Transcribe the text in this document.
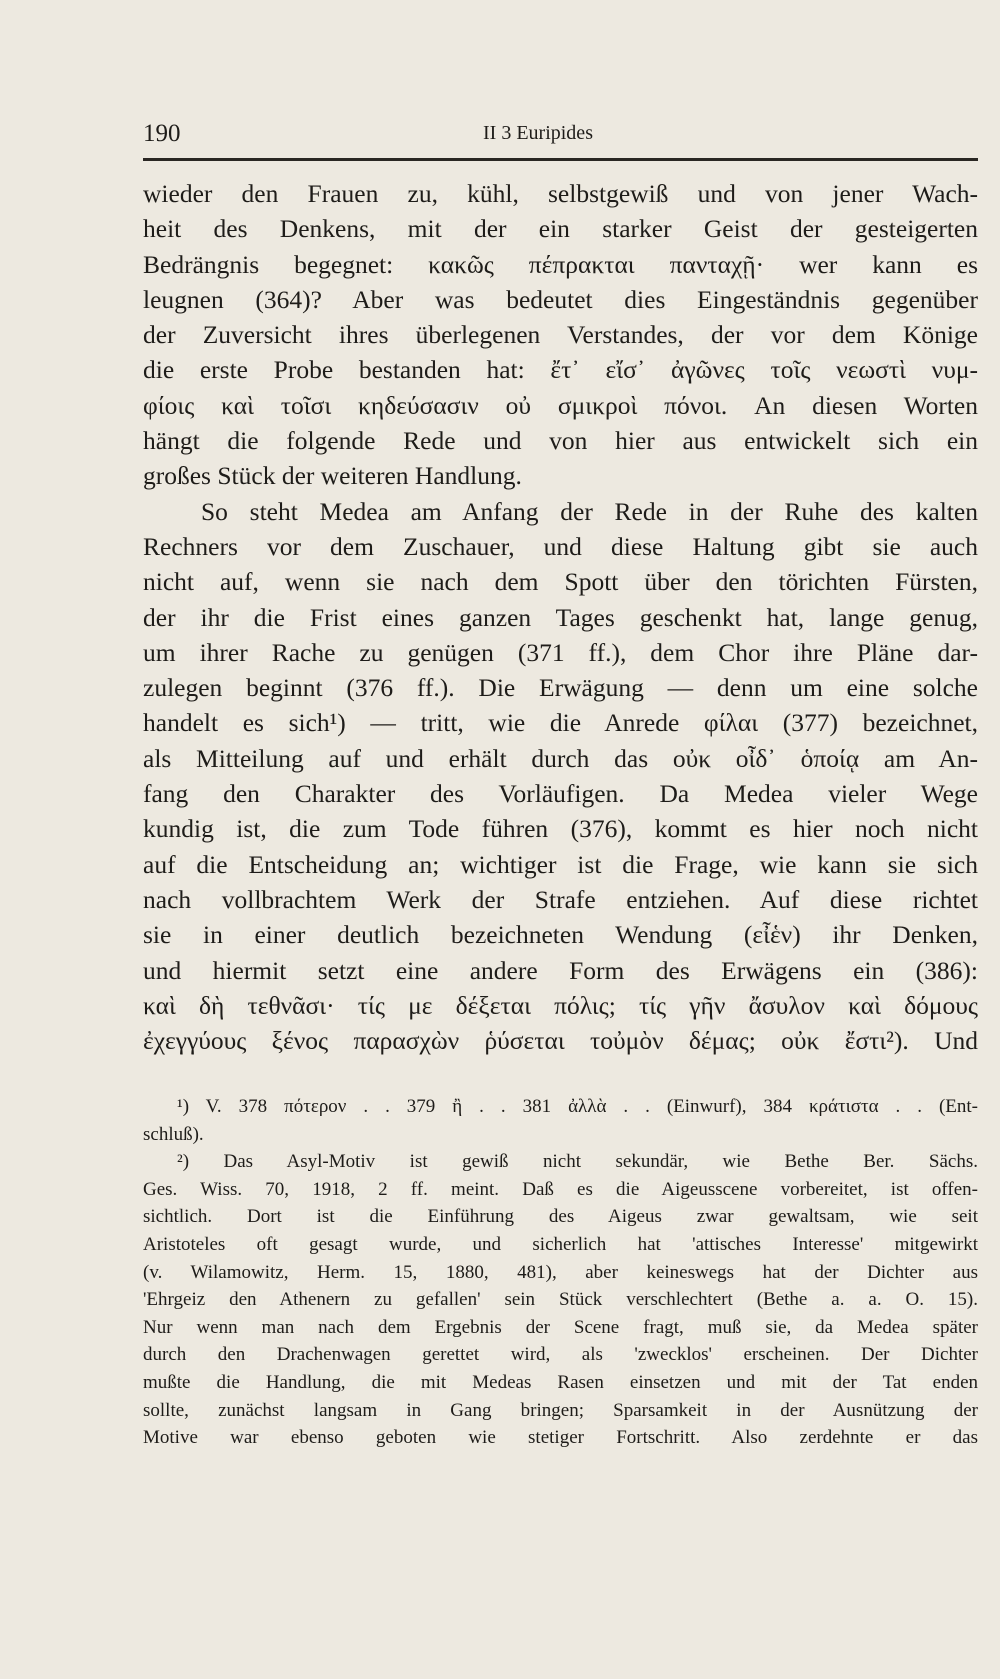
190	II 3 Euripides
wieder den Frauen zu, kühl, selbstgewiß und von jener Wach-
heit des Denkens, mit der ein starker Geist der gesteigerten
Bedrängnis begegnet: κακῶς πέπρακται πανταχῇ· wer kann es
leugnen (364)? Aber was bedeutet dies Eingeständnis gegenüber
der Zuversicht ihres überlegenen Verstandes, der vor dem Könige
die erste Probe bestanden hat: ἔτ᾽ εἴσ᾽ ἀγῶνες τοῖς νεωστὶ νυμ-
φίοις καὶ τοῖσι κηδεύσασιν οὐ σμικροὶ πόνοι. An diesen Worten
hängt die folgende Rede und von hier aus entwickelt sich ein
großes Stück der weiteren Handlung.
So steht Medea am Anfang der Rede in der Ruhe des kalten
Rechners vor dem Zuschauer, und diese Haltung gibt sie auch
nicht auf, wenn sie nach dem Spott über den törichten Fürsten,
der ihr die Frist eines ganzen Tages geschenkt hat, lange genug,
um ihrer Rache zu genügen (371 ff.), dem Chor ihre Pläne dar-
zulegen beginnt (376 ff.). Die Erwägung — denn um eine solche
handelt es sich¹) — tritt, wie die Anrede φίλαι (377) bezeichnet,
als Mitteilung auf und erhält durch das οὐκ οἶδ᾽ ὁποίᾳ am An-
fang den Charakter des Vorläufigen. Da Medea vieler Wege
kundig ist, die zum Tode führen (376), kommt es hier noch nicht
auf die Entscheidung an; wichtiger ist die Frage, wie kann sie sich
nach vollbrachtem Werk der Strafe entziehen. Auf diese richtet
sie in einer deutlich bezeichneten Wendung (εἶἑν) ihr Denken,
und hiermit setzt eine andere Form des Erwägens ein (386):
καὶ δὴ τεθνᾶσι· τίς με δέξεται πόλις; τίς γῆν ἄσυλον καὶ δόμους
ἐχεγγύους ξένος παρασχὼν ῥύσεται τοὐμὸν δέμας; οὐκ ἔστι²). Und
¹) V. 378 πότερον . . 379 ἢ . . 381 ἀλλὰ . . (Einwurf), 384 κράτιστα . . (Ent-
schluß).
²) Das Asyl-Motiv ist gewiß nicht sekundär, wie Bethe Ber. Sächs.
Ges. Wiss. 70, 1918, 2 ff. meint. Daß es die Aigeusscene vorbereitet, ist offen-
sichtlich. Dort ist die Einführung des Aigeus zwar gewaltsam, wie seit
Aristoteles oft gesagt wurde, und sicherlich hat 'attisches Interesse' mitgewirkt
(v. Wilamowitz, Herm. 15, 1880, 481), aber keineswegs hat der Dichter aus
'Ehrgeiz den Athenern zu gefallen' sein Stück verschlechtert (Bethe a. a. O. 15).
Nur wenn man nach dem Ergebnis der Scene fragt, muß sie, da Medea später
durch den Drachenwagen gerettet wird, als 'zwecklos' erscheinen. Der Dichter
mußte die Handlung, die mit Medeas Rasen einsetzen und mit der Tat enden
sollte, zunächst langsam in Gang bringen; Sparsamkeit in der Ausnützung der
Motive war ebenso geboten wie stetiger Fortschritt. Also zerdehnte er das
